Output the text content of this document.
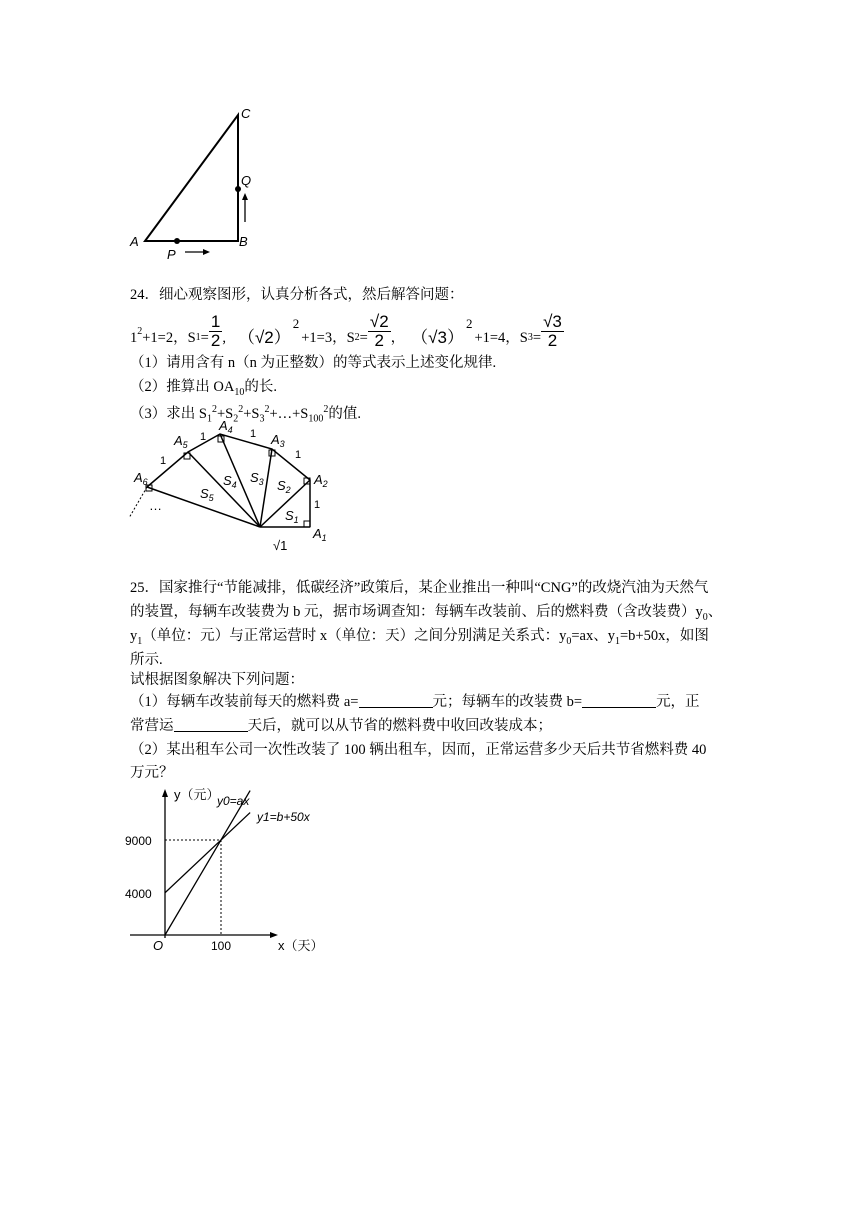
A	B
C
P
Q
24．细心观察图形，认真分析各式，然后解答问题：
$1^2 +1=2$，S $1 = \frac{1}{2}$ , （√2）
$^2$
+1=3，S $2 = \frac{√2}{2}$ ， （√3）
$^2$
+1=4，S $3 = \frac{√3}{2}$
（1）请用含有 n（n 为正整数）的等式表示上述变化规律.
（2）推算出 $OA_{10}$的长.
（3）求出 $S_1^2+S_2^2+S_3^2+\dots+S_{100}^2$的值.
$A_1$
$A_2$
$A_3$
$A_4$
$A_5$
$A_6$
$S_1$
$S_2$
$S_3$
$S_4$
$S_5$
1
1
1
1
1
√1
…
25．国家推行“节能减排，低碳经济”政策后，某企业推出一种叫“CNG”的改烧汽油为天然气
的装置，每辆车改装费为 b 元，据市场调查知：每辆车改装前、后的燃料费（含改装费）$y_0$、
$y_1$（单位：元）与正常运营时 x（单位：天）之间分别满足关系式：$y_0=ax$、$y_1=b+50x$，如图
所示.
试根据图象解决下列问题：
（1）每辆车改装前每天的燃料费 a=	元；每辆车的改装费 b=	元，正
常营运	天后，就可以从节省的燃料费中收回改装成本；
（2）某出租车公司一次性改装了 100 辆出租车，因而，正常运营多少天后共节省燃料费 40
万元？
9000
4000
100
O	x（天）
y（元）
y0=ax
y1=b+50x
